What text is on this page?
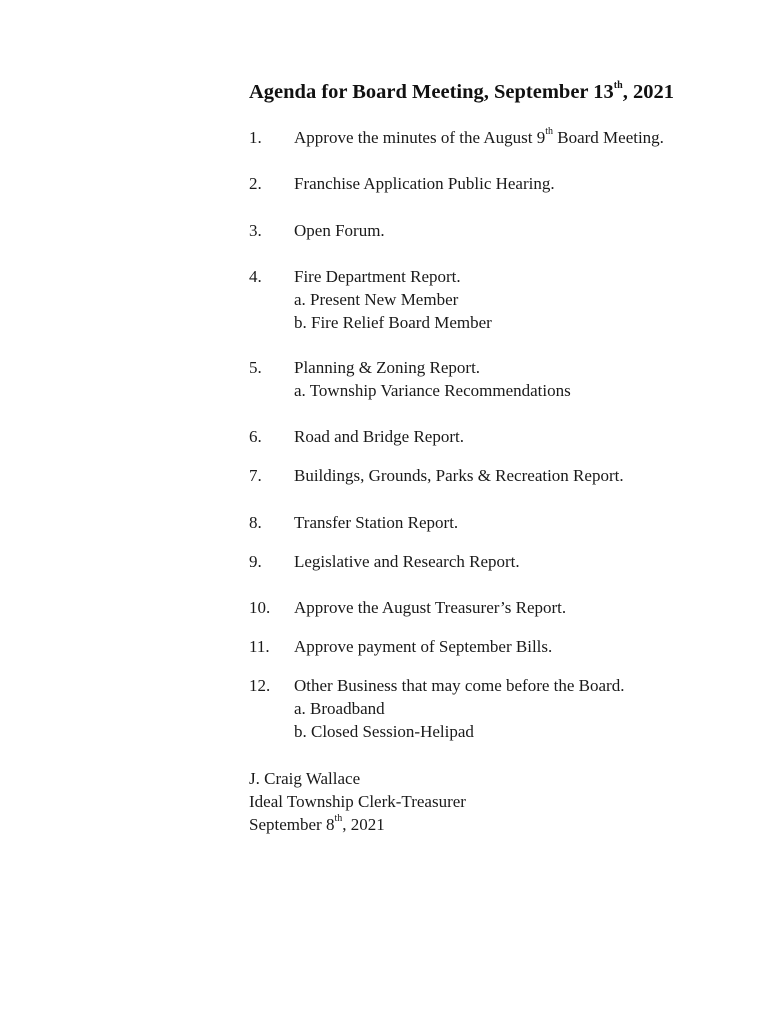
Agenda for Board Meeting, September 13th, 2021
1.	Approve the minutes of the August 9th Board Meeting.
2.	Franchise Application Public Hearing.
3.	Open Forum.
4.	Fire Department Report.
a. Present New Member
b. Fire Relief Board Member
5.	Planning & Zoning Report.
a. Township Variance Recommendations
6.	Road and Bridge Report.
7.	Buildings, Grounds, Parks & Recreation Report.
8.	Transfer Station Report.
9.	Legislative and Research Report.
10.	Approve the August Treasurer’s Report.
11.	Approve payment of September Bills.
12.	Other Business that may come before the Board.
a. Broadband
b. Closed Session-Helipad
J. Craig Wallace
Ideal Township Clerk-Treasurer
September 8th, 2021
